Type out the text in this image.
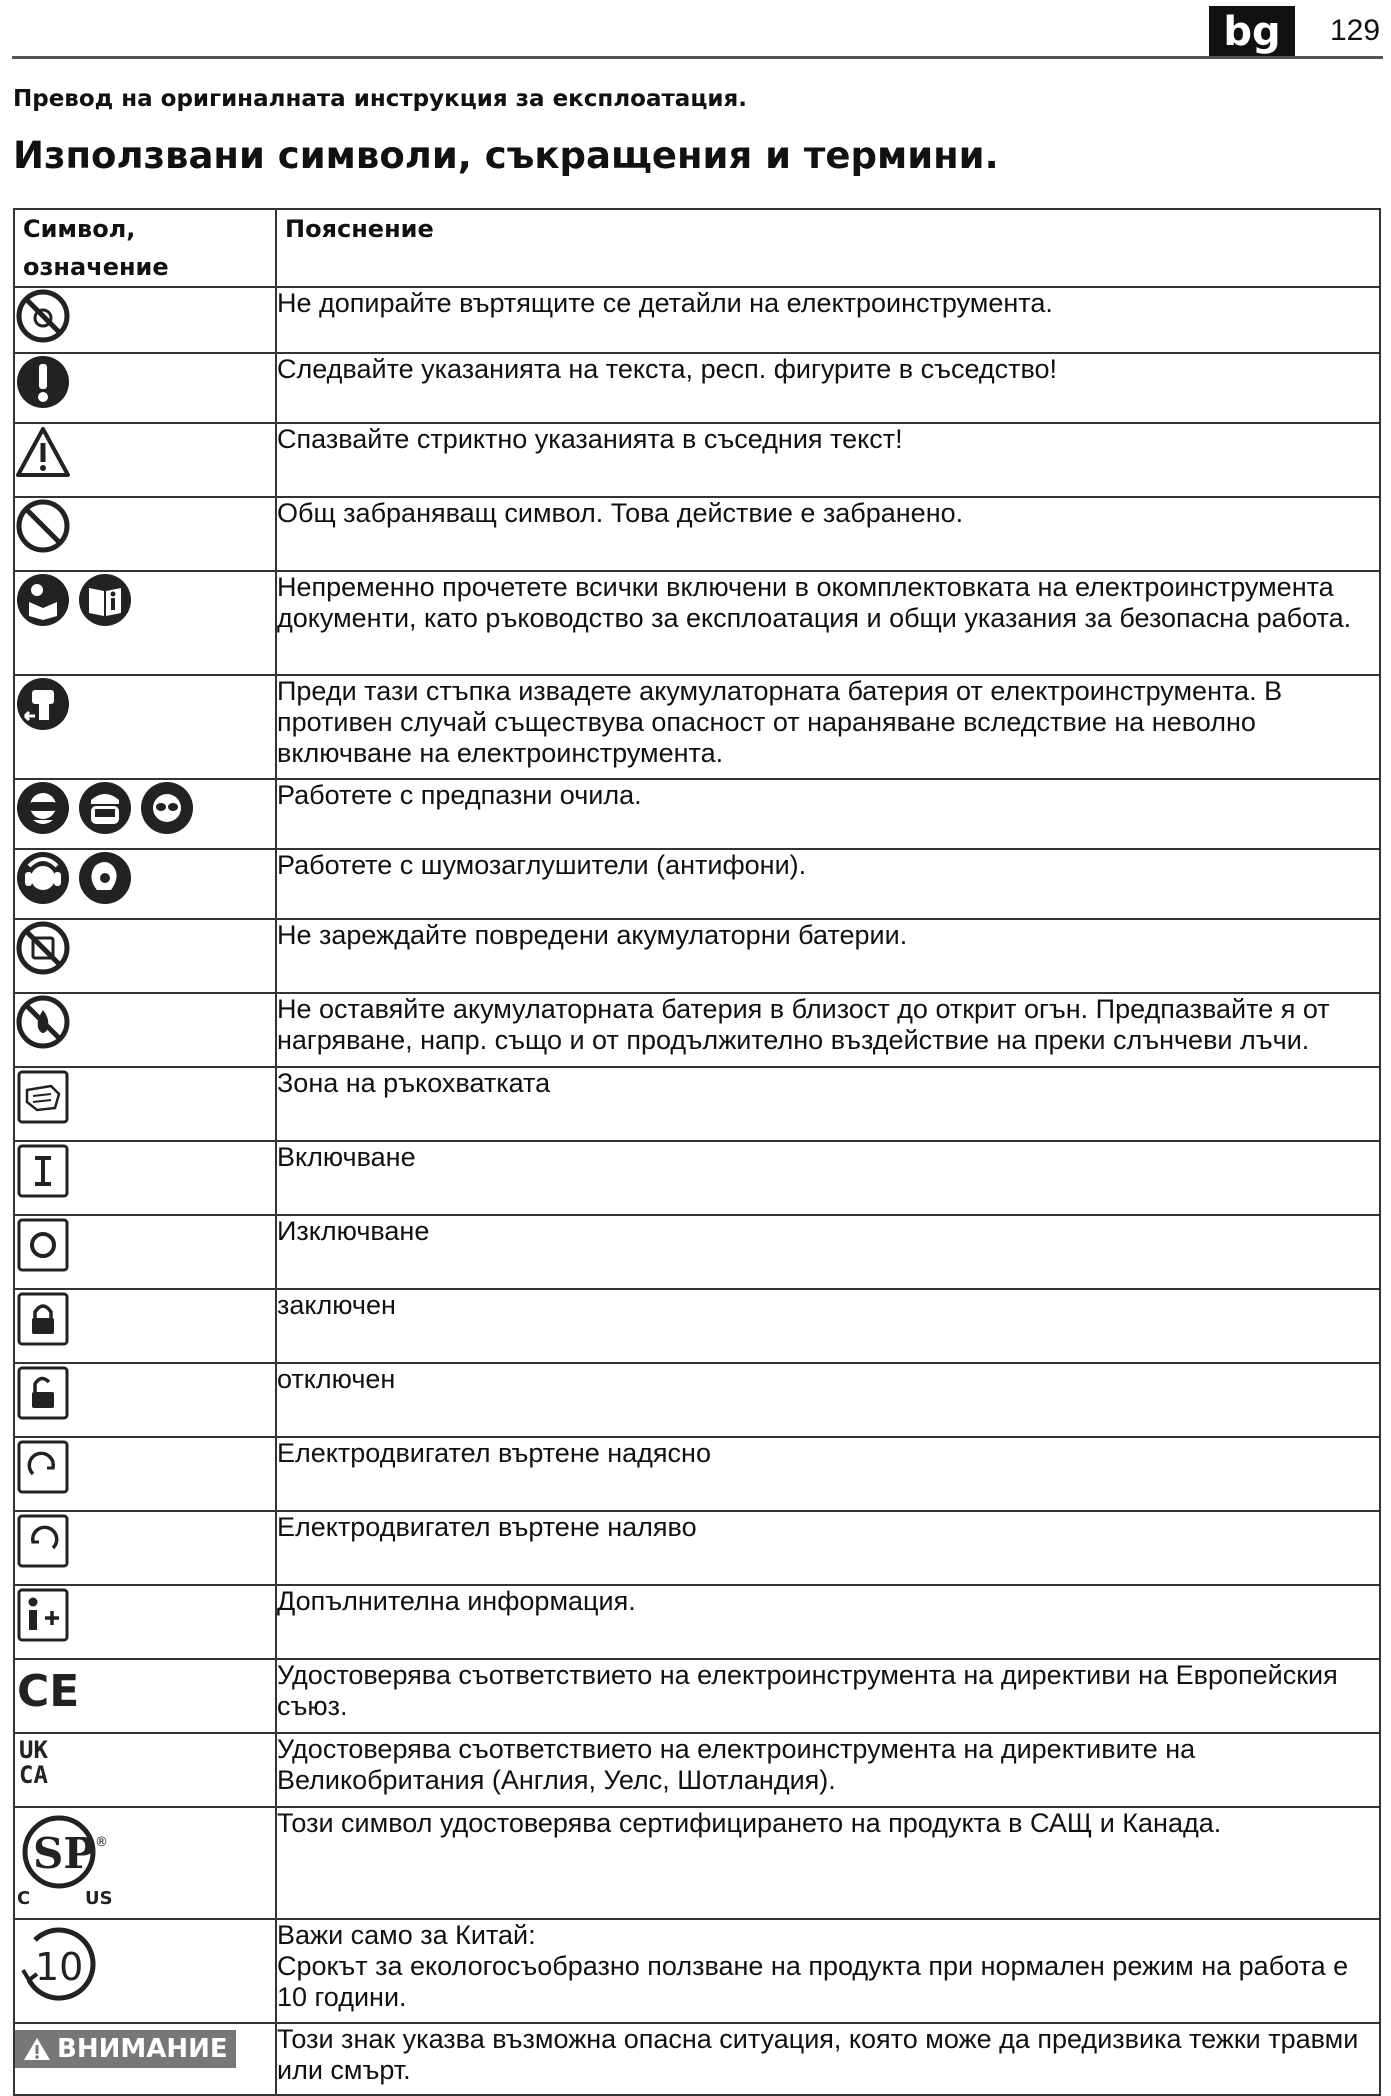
bg	129
Превод на оригиналната инструкция за експлоатация.
Използвани символи, съкращения и термини.
Символ, означение	Пояснение

	Не допирайте въртящите се детайли на електроинструмента.

	Следвайте указанията на текста, респ. фигурите в съседство!

	Спазвайте стриктно указанията в съседния текст!

	Общ забраняващ символ. Това действие е забранено.

	Непременно прочетете всички включени в окомплектовката на електроинструмента документи, като ръководство за експлоатация и общи указания за безопасна работа.

	Преди тази стъпка извадете акумулаторната батерия от електроинструмента. В противен случай съществува опасност от нараняване вследствие на неволно включване на електроинструмента.

	Работете с предпазни очила.

	Работете с шумозаглушители (антифони).

	Не зареждайте повредени акумулаторни батерии.

	Не оставяйте акумулаторната батерия в близост до открит огън. Предпазвайте я от нагряване, напр. също и от продължително въздействие на преки слънчеви лъчи.

	Зона на ръкохватката

	Включване

	Изключване

	заключен

	отключен

	Електродвигател въртене надясно

	Електродвигател въртене наляво

	Допълнителна информация.

CE	Удостоверява съответствието на електроинструмента на директиви на Европейския съюз.

UK
CA	Удостоверява съответствието на електроинструмента на директивите на Великобритания (Англия, Уелс, Шотландия).

SP ®
C US	Този символ удостоверява сертифицирането на продукта в САЩ и Канада.

10	Важи само за Китай:
Срокът за екологосъобразно ползване на продукта при нормален режим на работа е 10 години.

ВНИМАНИЕ	Този знак указва възможна опасна ситуация, която може да предизвика тежки травми или смърт.
